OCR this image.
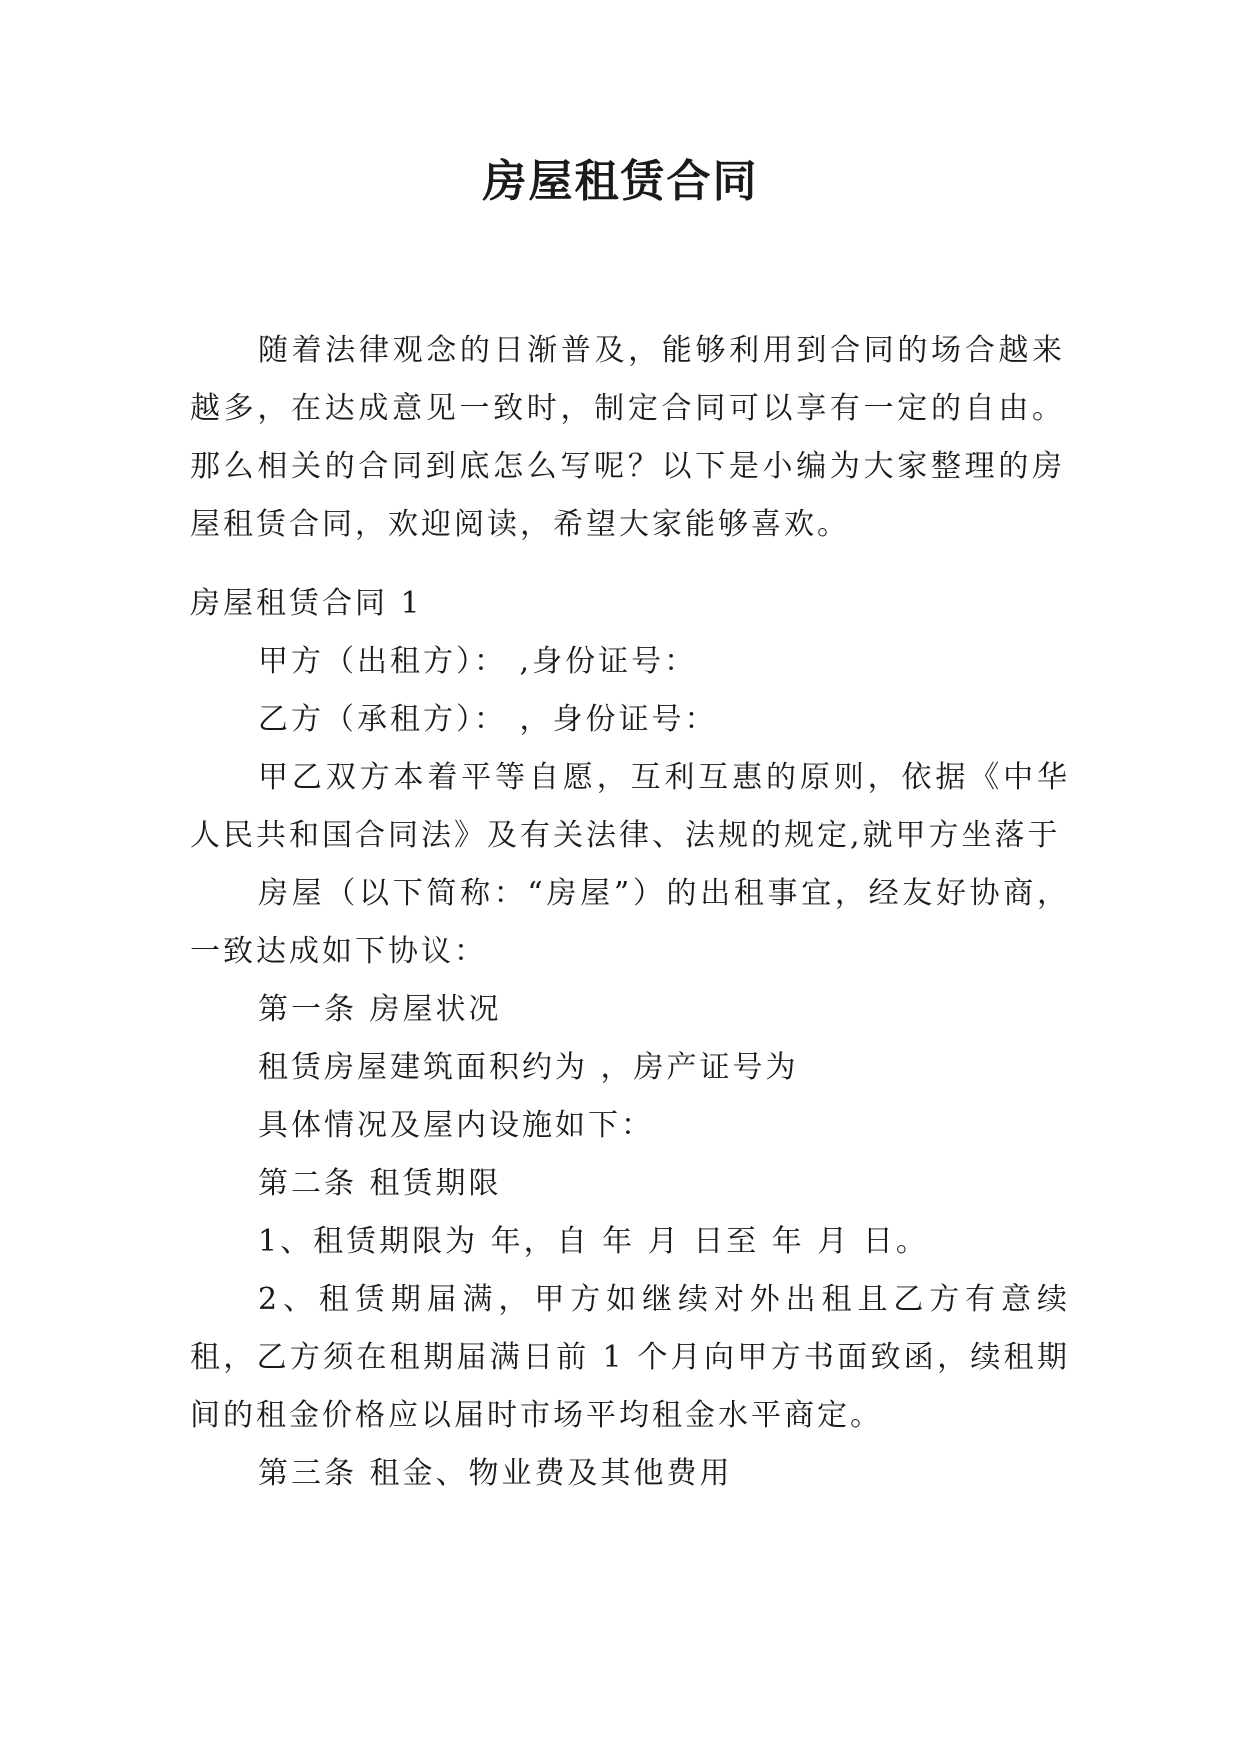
房屋租赁合同

随着法律观念的日渐普及，能够利用到合同的场合越来越多，在达成意见一致时，制定合同可以享有一定的自由。那么相关的合同到底怎么写呢？以下是小编为大家整理的房屋租赁合同，欢迎阅读，希望大家能够喜欢。

房屋租赁合同 1

甲方（出租方）： ,身份证号：

乙方（承租方）： ，身份证号：

甲乙双方本着平等自愿，互利互惠的原则，依据《中华人民共和国合同法》及有关法律、法规的规定,就甲方坐落于

房屋（以下简称：“房屋”）的出租事宜，经友好协商，一致达成如下协议：

第一条 房屋状况

租赁房屋建筑面积约为 ，房产证号为

具体情况及屋内设施如下：

第二条 租赁期限

1、租赁期限为 年，自 年 月 日至 年 月 日。

2、租赁期届满，甲方如继续对外出租且乙方有意续租，乙方须在租期届满日前 1 个月向甲方书面致函，续租期间的租金价格应以届时市场平均租金水平商定。

第三条 租金、物业费及其他费用
